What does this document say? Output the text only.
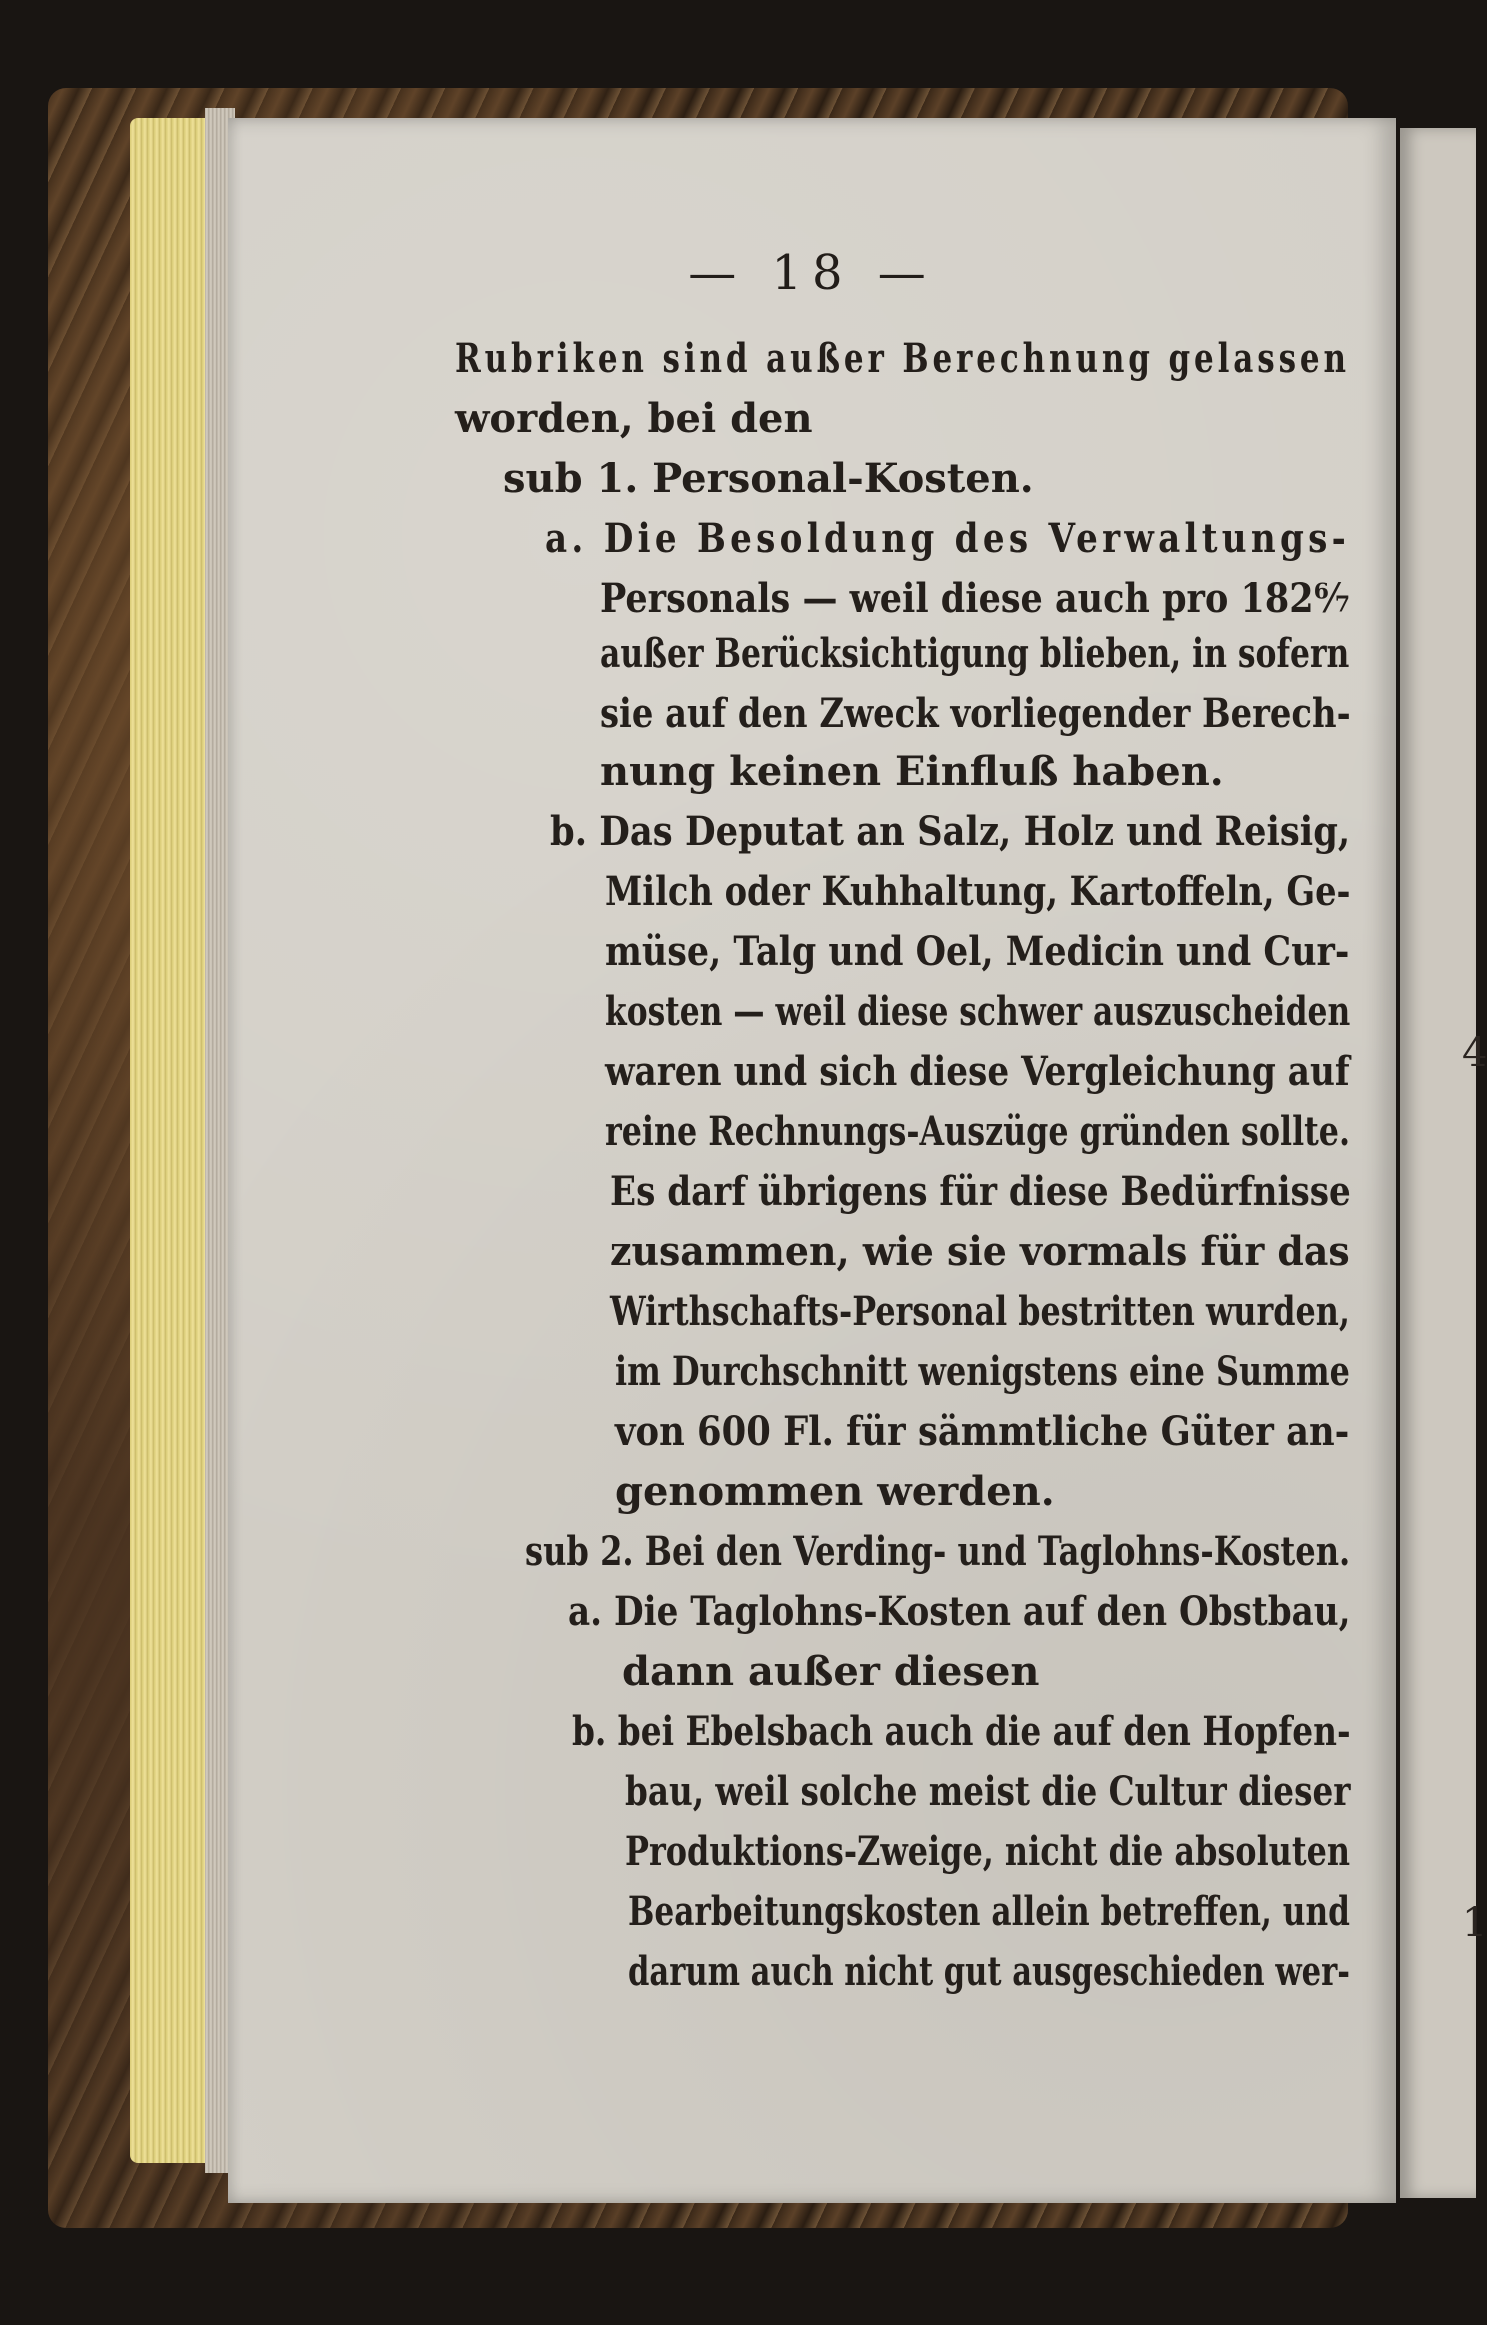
4
1
— 18 —
Rubriken sind außer Berechnung gelassen
worden, bei den
sub 1. Personal-Kosten.
a. Die Besoldung des Verwaltungs-
Personals — weil diese auch pro 182⁶⁄₇
außer Berücksichtigung blieben, in sofern
sie auf den Zweck vorliegender Berech-
nung keinen Einfluß haben.
b. Das Deputat an Salz, Holz und Reisig,
Milch oder Kuhhaltung, Kartoffeln, Ge-
müse, Talg und Oel, Medicin und Cur-
kosten — weil diese schwer auszuscheiden
waren und sich diese Vergleichung auf
reine Rechnungs-Auszüge gründen sollte.
Es darf übrigens für diese Bedürfnisse
zusammen, wie sie vormals für das
Wirthschafts-Personal bestritten wurden,
im Durchschnitt wenigstens eine Summe
von 600 Fl. für sämmtliche Güter an-
genommen werden.
sub 2. Bei den Verding- und Taglohns-Kosten.
a. Die Taglohns-Kosten auf den Obstbau,
dann außer diesen
b. bei Ebelsbach auch die auf den Hopfen-
bau, weil solche meist die Cultur dieser
Produktions-Zweige, nicht die absoluten
Bearbeitungskosten allein betreffen, und
darum auch nicht gut ausgeschieden wer-
